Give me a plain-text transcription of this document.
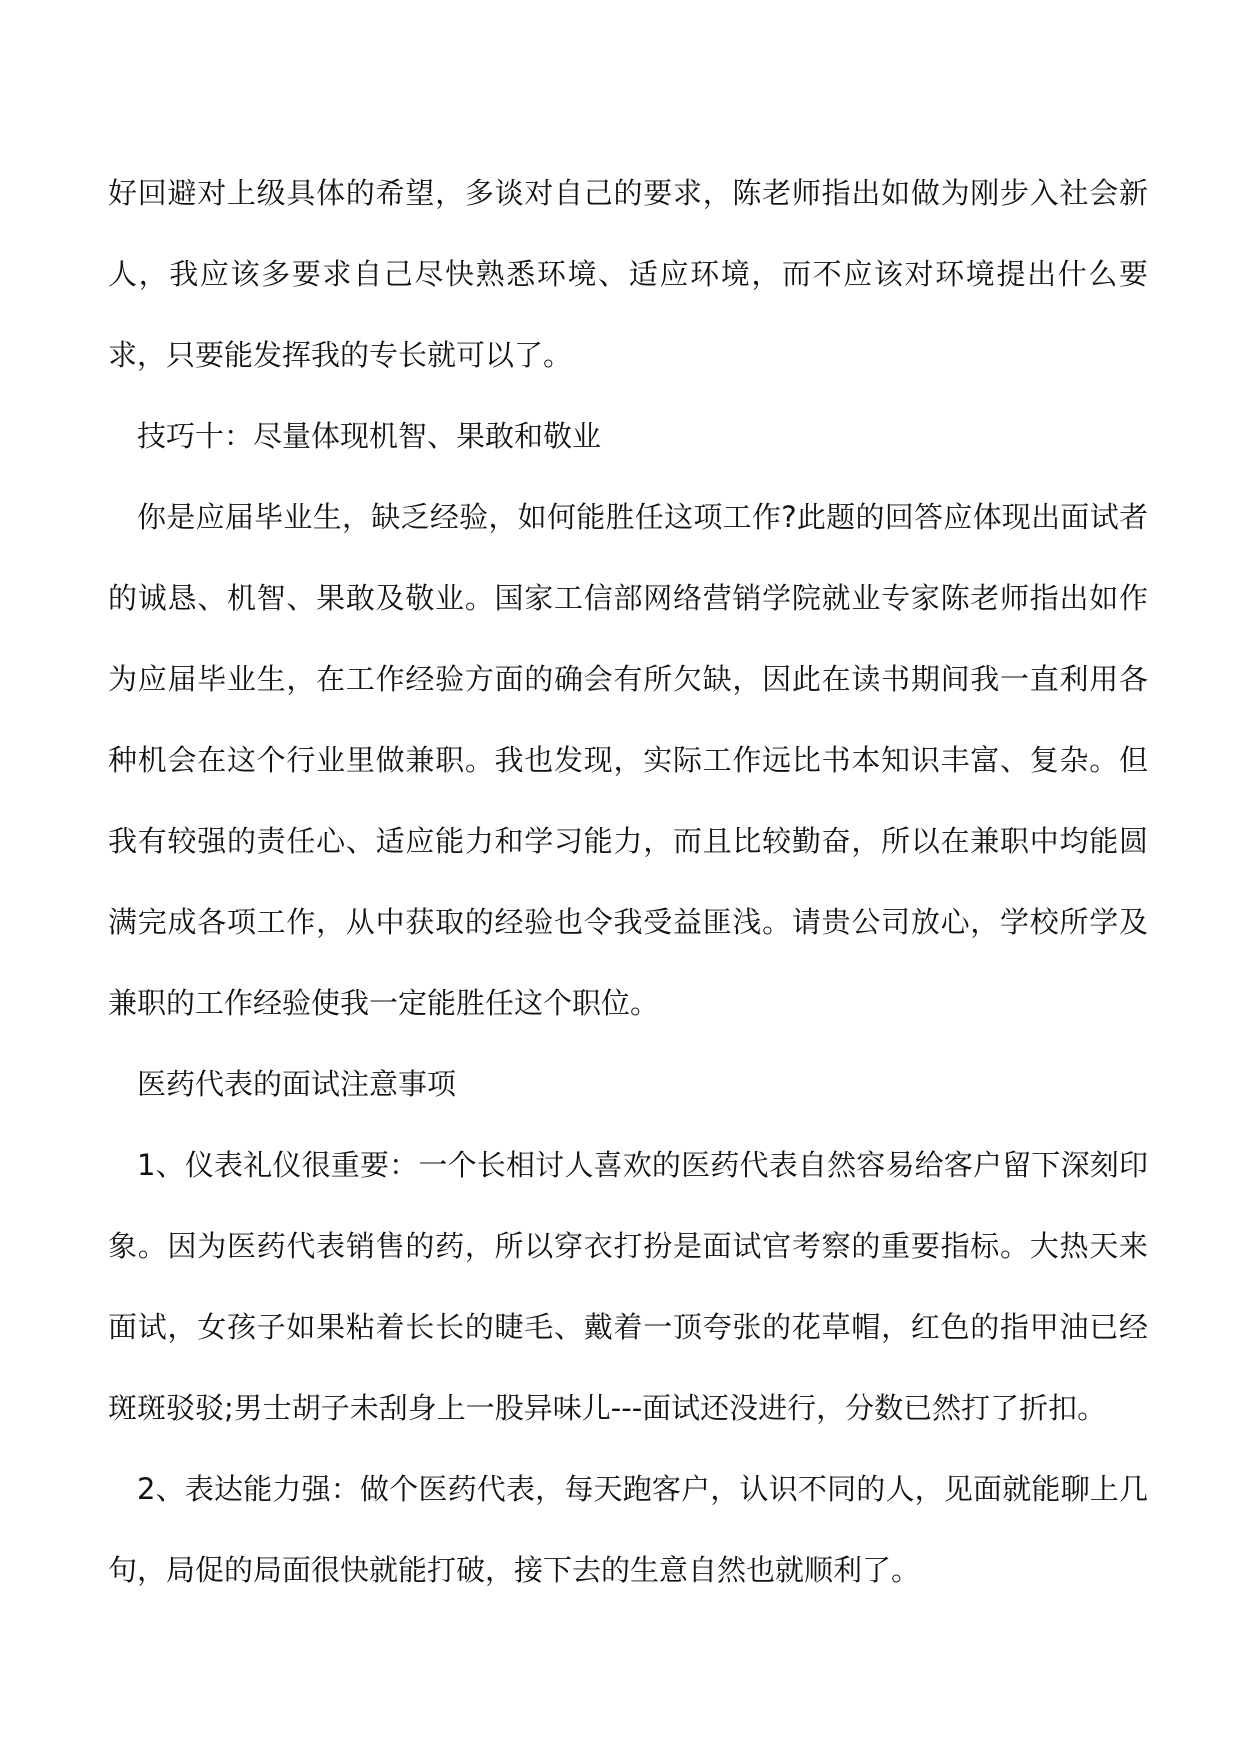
好回避对上级具体的希望，多谈对自己的要求，陈老师指出如做为刚步入社会新人，我应该多要求自己尽快熟悉环境、适应环境，而不应该对环境提出什么要求，只要能发挥我的专长就可以了。

技巧十：尽量体现机智、果敢和敬业

你是应届毕业生，缺乏经验，如何能胜任这项工作?此题的回答应体现出面试者的诚恳、机智、果敢及敬业。国家工信部网络营销学院就业专家陈老师指出如作为应届毕业生，在工作经验方面的确会有所欠缺，因此在读书期间我一直利用各种机会在这个行业里做兼职。我也发现，实际工作远比书本知识丰富、复杂。但我有较强的责任心、适应能力和学习能力，而且比较勤奋，所以在兼职中均能圆满完成各项工作，从中获取的经验也令我受益匪浅。请贵公司放心，学校所学及兼职的工作经验使我一定能胜任这个职位。

医药代表的面试注意事项

1、仪表礼仪很重要：一个长相讨人喜欢的医药代表自然容易给客户留下深刻印象。因为医药代表销售的药，所以穿衣打扮是面试官考察的重要指标。大热天来面试，女孩子如果粘着长长的睫毛、戴着一顶夸张的花草帽，红色的指甲油已经斑斑驳驳;男士胡子未刮身上一股异味儿---面试还没进行，分数已然打了折扣。

2、表达能力强：做个医药代表，每天跑客户，认识不同的人，见面就能聊上几句，局促的局面很快就能打破，接下去的生意自然也就顺利了。
